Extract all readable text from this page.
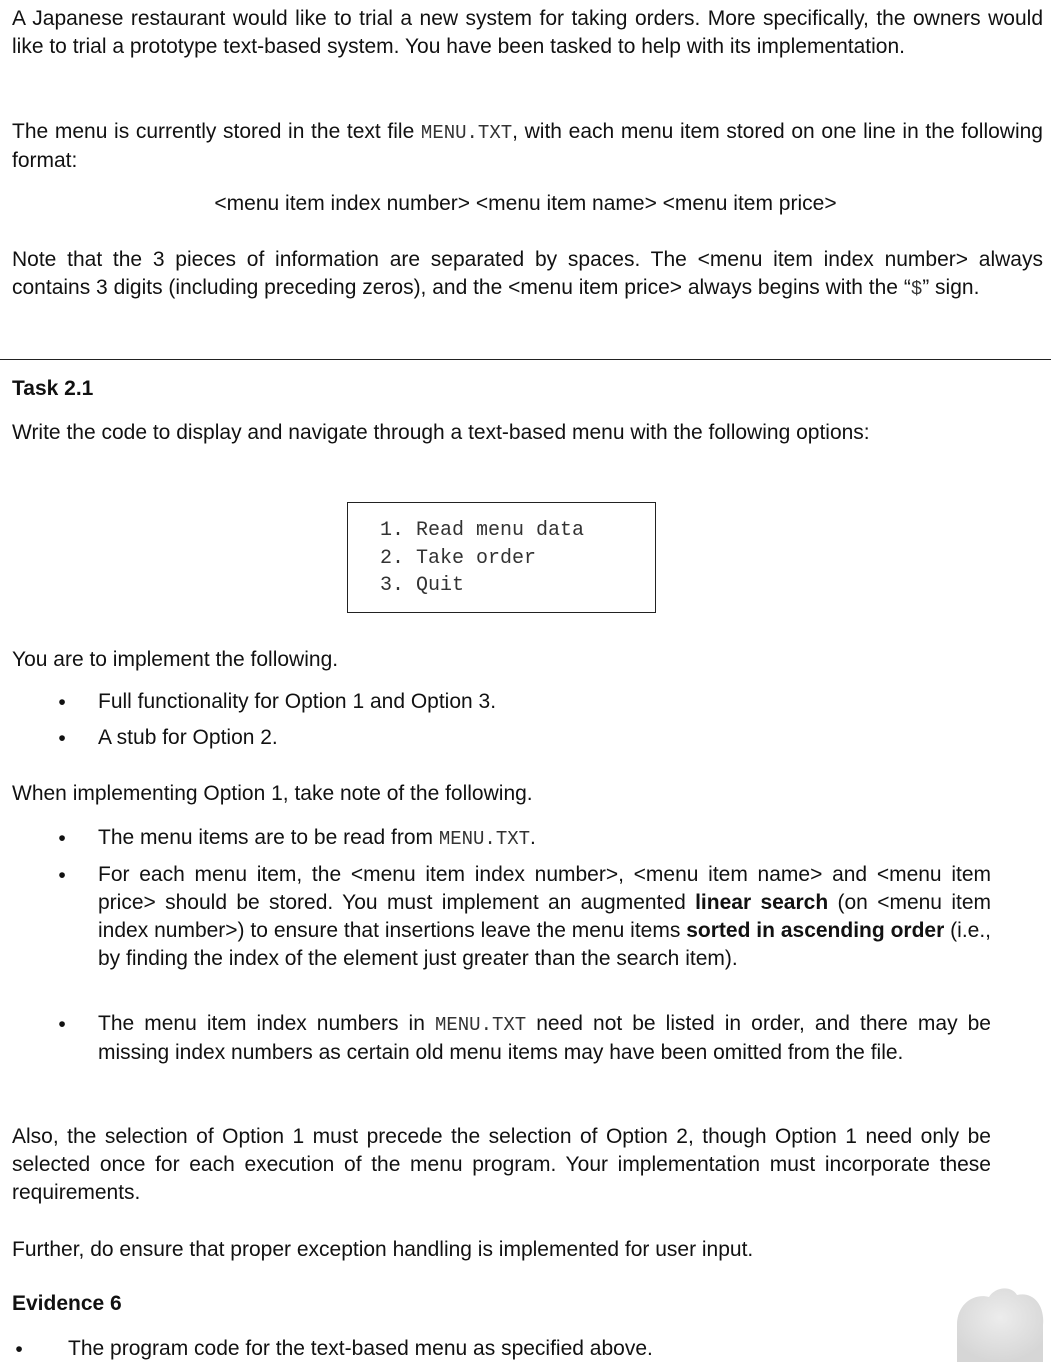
A Japanese restaurant would like to trial a new system for taking orders. More specifically, the owners would like to trial a prototype text-based system. You have been tasked to help with its implementation.

The menu is currently stored in the text file MENU.TXT, with each menu item stored on one line in the following format:

<menu item index number> <menu item name> <menu item price>

Note that the 3 pieces of information are separated by spaces. The <menu item index number> always contains 3 digits (including preceding zeros), and the <menu item price> always begins with the “$” sign.

Task 2.1

Write the code to display and navigate through a text-based menu with the following options:

1. Read menu data

2. Take order

3. Quit

You are to implement the following.

• Full functionality for Option 1 and Option 3.

• A stub for Option 2.

When implementing Option 1, take note of the following.

• The menu items are to be read from MENU.TXT.

• For each menu item, the <menu item index number>, <menu item name> and <menu item price> should be stored. You must implement an augmented linear search (on <menu item index number>) to ensure that insertions leave the menu items sorted in ascending order (i.e., by finding the index of the element just greater than the search item).

• The menu item index numbers in MENU.TXT need not be listed in order, and there may be missing index numbers as certain old menu items may have been omitted from the file.

Also, the selection of Option 1 must precede the selection of Option 2, though Option 1 need only be selected once for each execution of the menu program. Your implementation must incorporate these requirements.

Further, do ensure that proper exception handling is implemented for user input.

Evidence 6

• The program code for the text-based menu as specified above.
